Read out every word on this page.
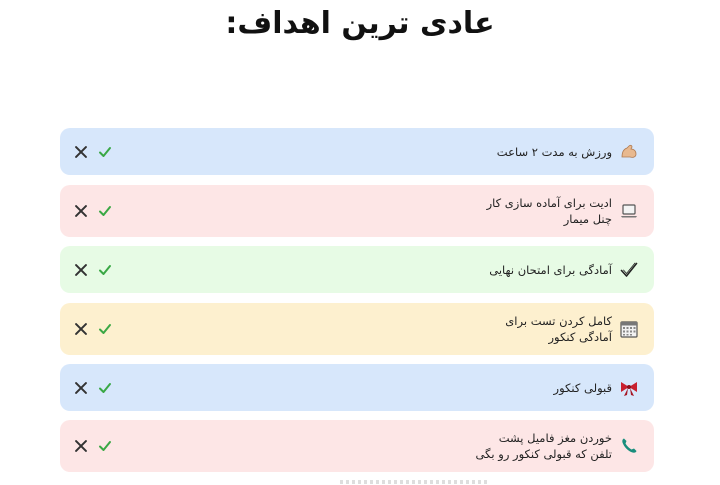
عادی ترین اهداف:
ورزش به مدت ۲ ساعت
ادیت برای آماده سازی کار
چنل میمار
آمادگی برای امتحان نهایی
کامل کردن تست برای
آمادگی کنکور
قبولی کنکور
خوردن مغز فامیل پشت
تلفن که قبولی کنکور رو بگی
